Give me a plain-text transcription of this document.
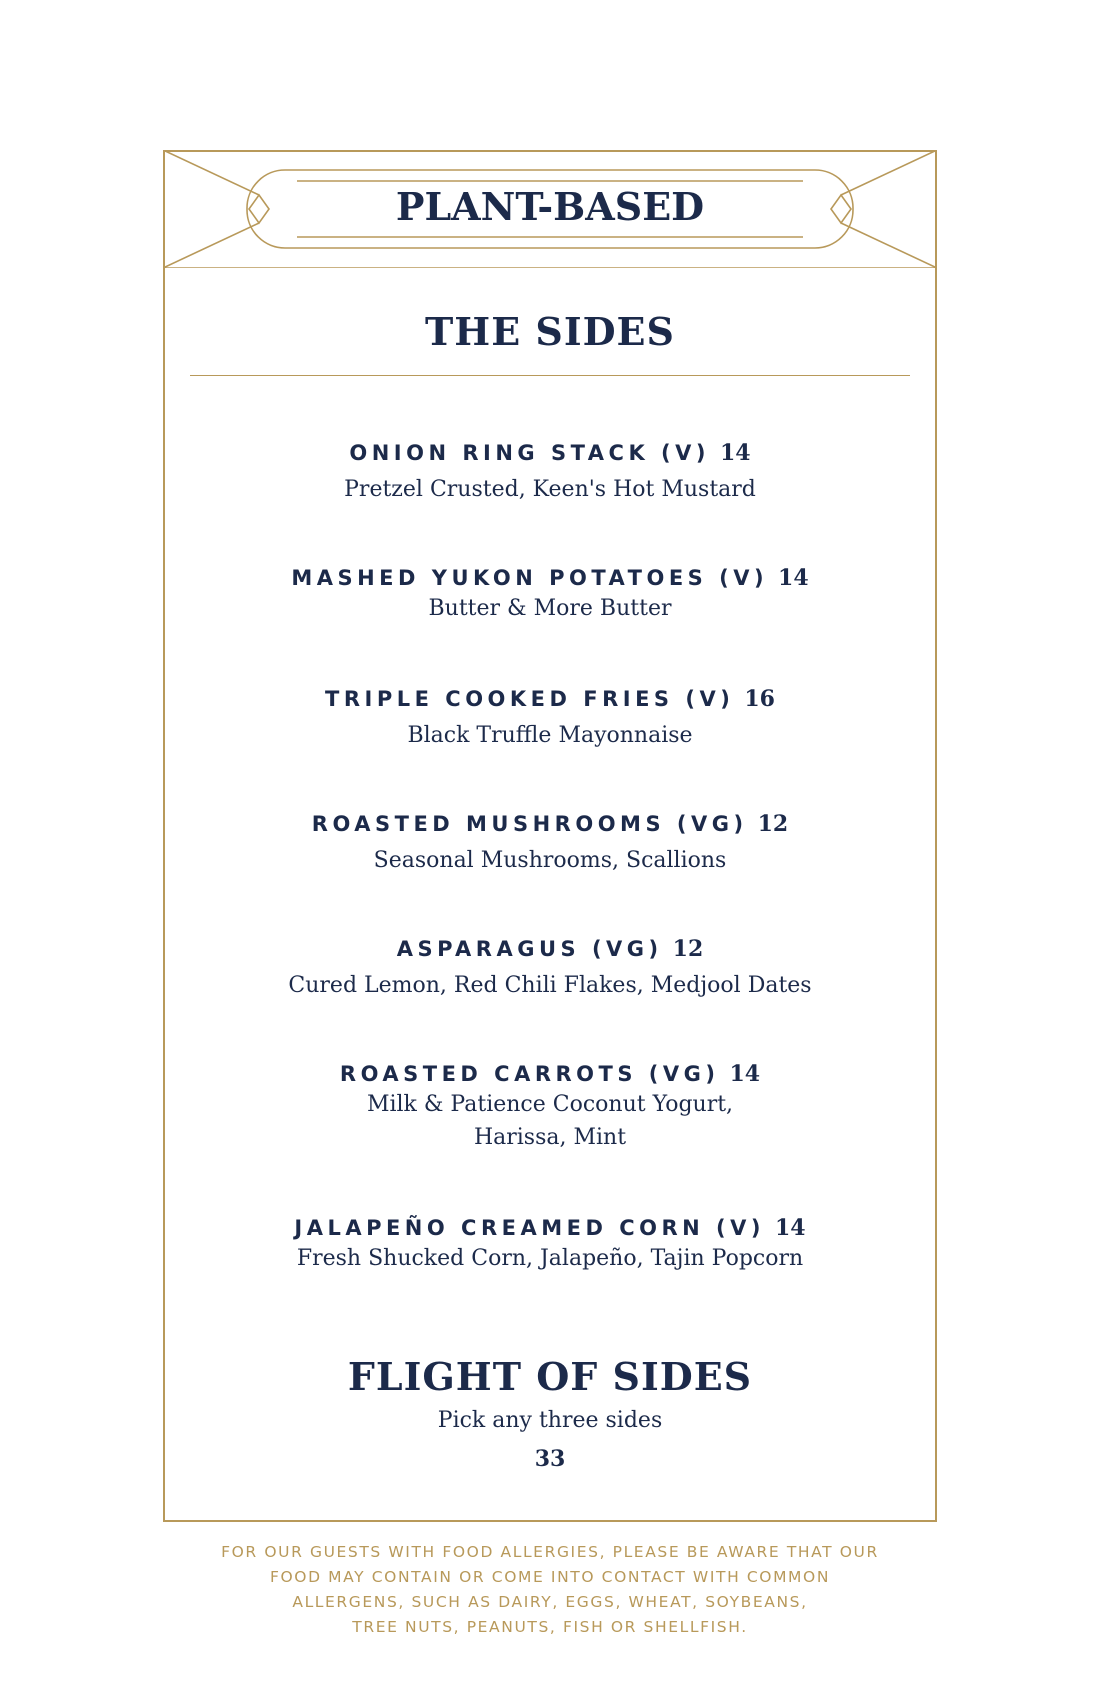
PLANT-BASED
THE SIDES
ONION RING STACK (V) 14
Pretzel Crusted, Keen's Hot Mustard
MASHED YUKON POTATOES (V) 14
Butter & More Butter
TRIPLE COOKED FRIES (V) 16
Black Truffle Mayonnaise
ROASTED MUSHROOMS (VG) 12
Seasonal Mushrooms, Scallions
ASPARAGUS (VG) 12
Cured Lemon, Red Chili Flakes, Medjool Dates
ROASTED CARROTS (VG) 14
Milk & Patience Coconut Yogurt,
Harissa, Mint
JALAPEÑO CREAMED CORN (V) 14
Fresh Shucked Corn, Jalapeño, Tajin Popcorn
FLIGHT OF SIDES
Pick any three sides
33
FOR OUR GUESTS WITH FOOD ALLERGIES, PLEASE BE AWARE THAT OUR
FOOD MAY CONTAIN OR COME INTO CONTACT WITH COMMON
ALLERGENS, SUCH AS DAIRY, EGGS, WHEAT, SOYBEANS,
TREE NUTS, PEANUTS, FISH OR SHELLFISH.
